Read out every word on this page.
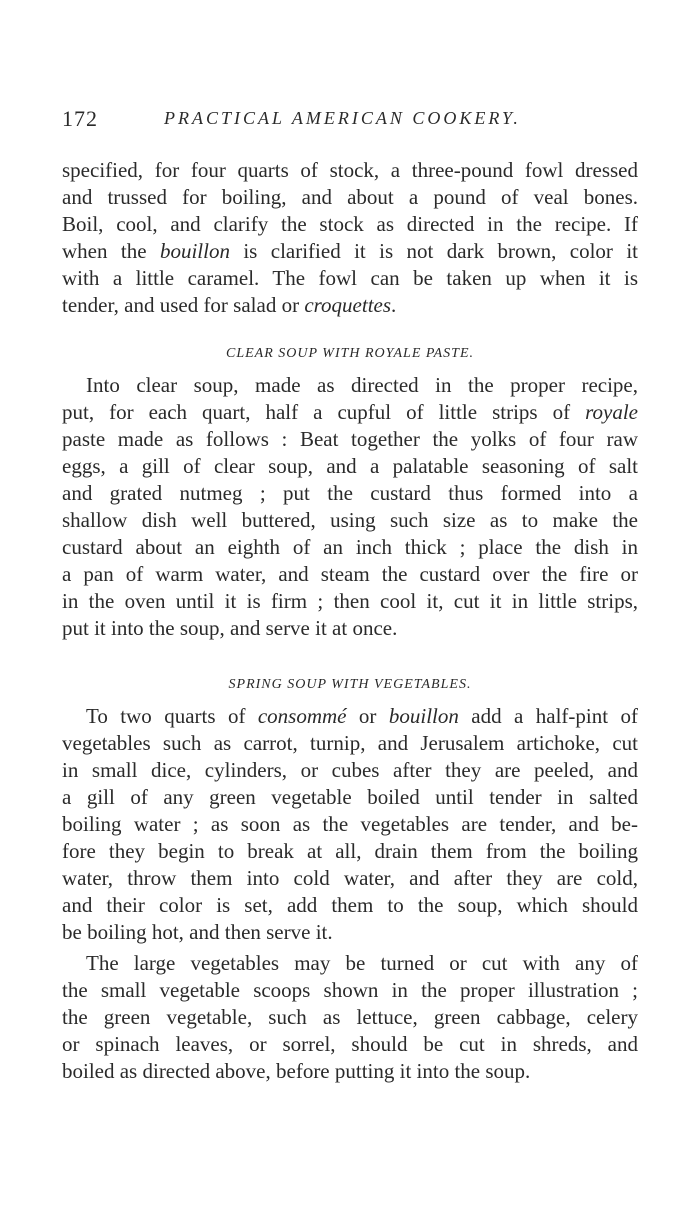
172	PRACTICAL AMERICAN COOKERY.
specified, for four quarts of stock, a three-pound fowl dressed
and trussed for boiling, and about a pound of veal bones.
Boil, cool, and clarify the stock as directed in the recipe. If
when the bouillon is clarified it is not dark brown, color it
with a little caramel. The fowl can be taken up when it is
tender, and used for salad or croquettes.
CLEAR SOUP WITH ROYALE PASTE.
Into clear soup, made as directed in the proper recipe,
put, for each quart, half a cupful of little strips of royale
paste made as follows : Beat together the yolks of four raw
eggs, a gill of clear soup, and a palatable seasoning of salt
and grated nutmeg ; put the custard thus formed into a
shallow dish well buttered, using such size as to make the
custard about an eighth of an inch thick ; place the dish in
a pan of warm water, and steam the custard over the fire or
in the oven until it is firm ; then cool it, cut it in little strips,
put it into the soup, and serve it at once.
SPRING SOUP WITH VEGETABLES.
To two quarts of consommé or bouillon add a half-pint of
vegetables such as carrot, turnip, and Jerusalem artichoke, cut
in small dice, cylinders, or cubes after they are peeled, and
a gill of any green vegetable boiled until tender in salted
boiling water ; as soon as the vegetables are tender, and be-
fore they begin to break at all, drain them from the boiling
water, throw them into cold water, and after they are cold,
and their color is set, add them to the soup, which should
be boiling hot, and then serve it.
The large vegetables may be turned or cut with any of
the small vegetable scoops shown in the proper illustration ;
the green vegetable, such as lettuce, green cabbage, celery
or spinach leaves, or sorrel, should be cut in shreds, and
boiled as directed above, before putting it into the soup.
